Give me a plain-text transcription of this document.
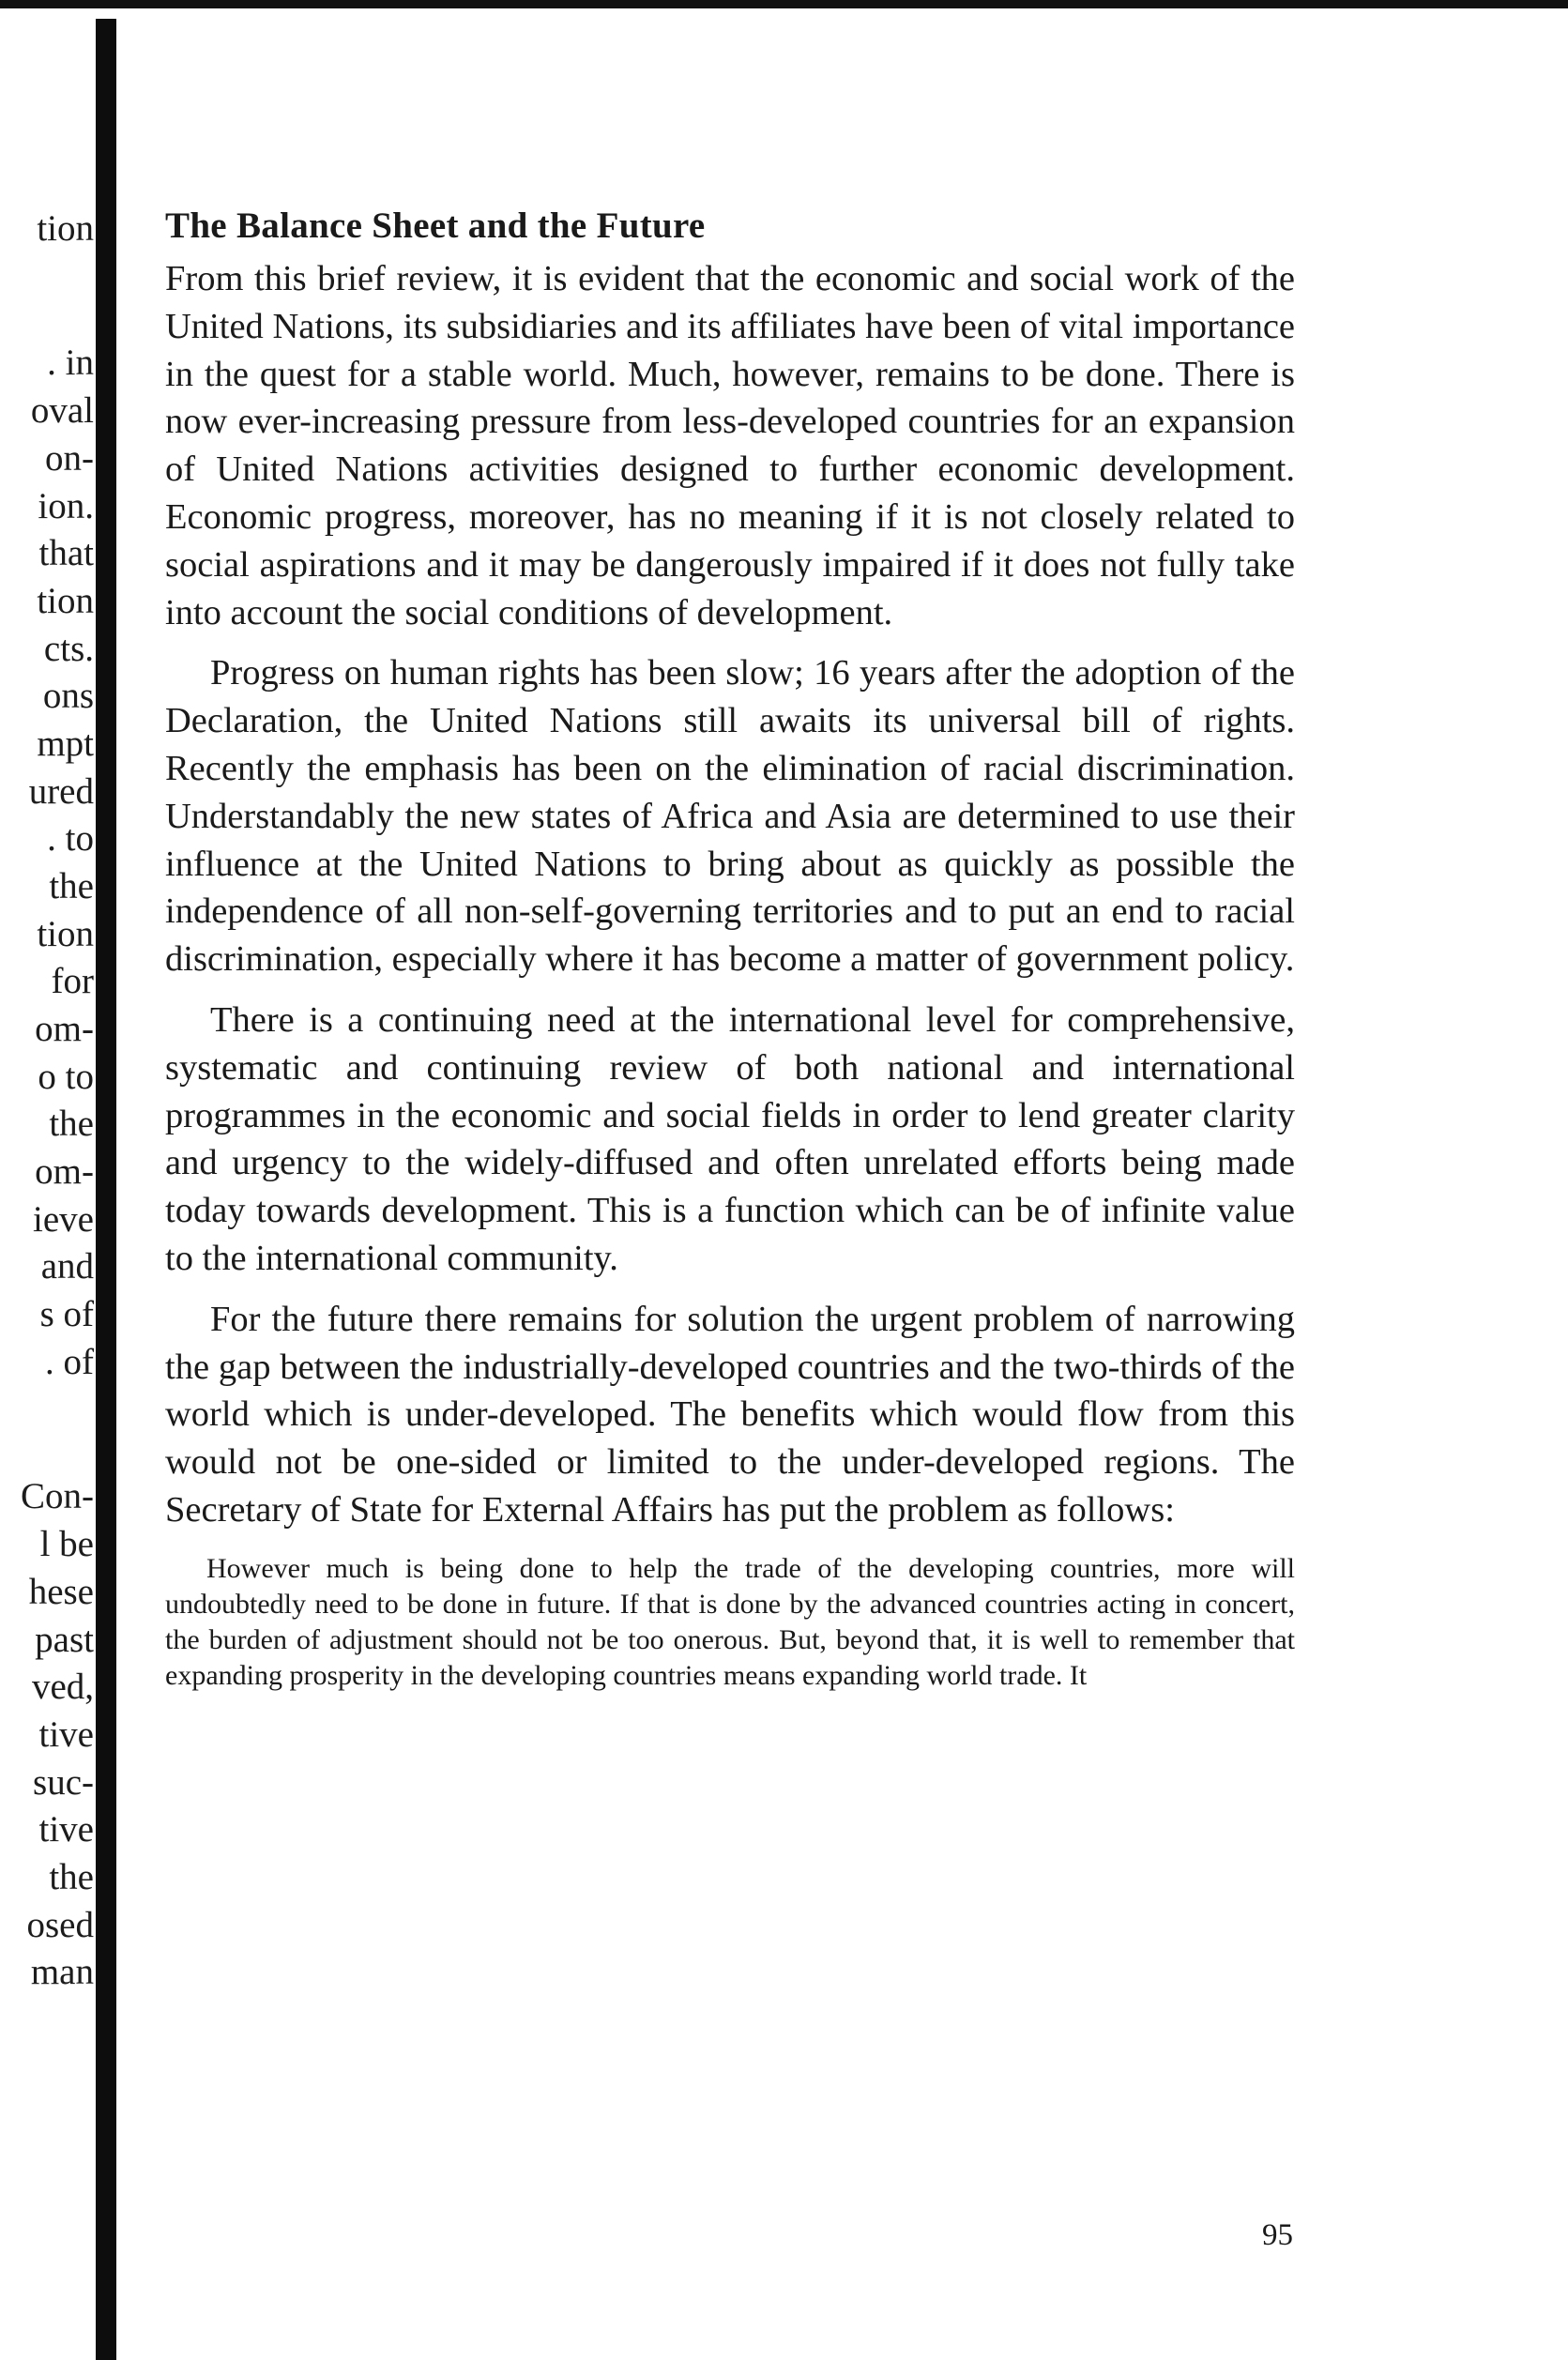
tion
. in
oval
on-
ion.
that
tion
cts.
ons
mpt
ured
. to
the
tion
for
om-
o to
the
om-
ieve
and
s of
. of
Con-
l be
hese
past
ved,
tive
suc-
tive
the
osed
man
The Balance Sheet and the Future

From this brief review, it is evident that the economic and social work of the United Nations, its subsidiaries and its affiliates have been of vital importance in the quest for a stable world. Much, however, remains to be done. There is now ever-increasing pressure from less-developed countries for an expansion of United Nations activities designed to further economic development. Economic progress, moreover, has no meaning if it is not closely related to social aspirations and it may be dangerously impaired if it does not fully take into account the social conditions of development.

Progress on human rights has been slow; 16 years after the adoption of the Declaration, the United Nations still awaits its universal bill of rights. Recently the emphasis has been on the elimination of racial discrimination. Understandably the new states of Africa and Asia are determined to use their influence at the United Nations to bring about as quickly as possible the independence of all non-self-governing territories and to put an end to racial discrimination, especially where it has become a matter of government policy.

There is a continuing need at the international level for comprehensive, systematic and continuing review of both national and international programmes in the economic and social fields in order to lend greater clarity and urgency to the widely-diffused and often unrelated efforts being made today towards development. This is a function which can be of infinite value to the international community.

For the future there remains for solution the urgent problem of narrowing the gap between the industrially-developed countries and the two-thirds of the world which is under-developed. The benefits which would flow from this would not be one-sided or limited to the under-developed regions. The Secretary of State for External Affairs has put the problem as follows:

However much is being done to help the trade of the developing countries, more will undoubtedly need to be done in future. If that is done by the advanced countries acting in concert, the burden of adjustment should not be too onerous. But, beyond that, it is well to remember that expanding prosperity in the developing countries means expanding world trade. It

95
